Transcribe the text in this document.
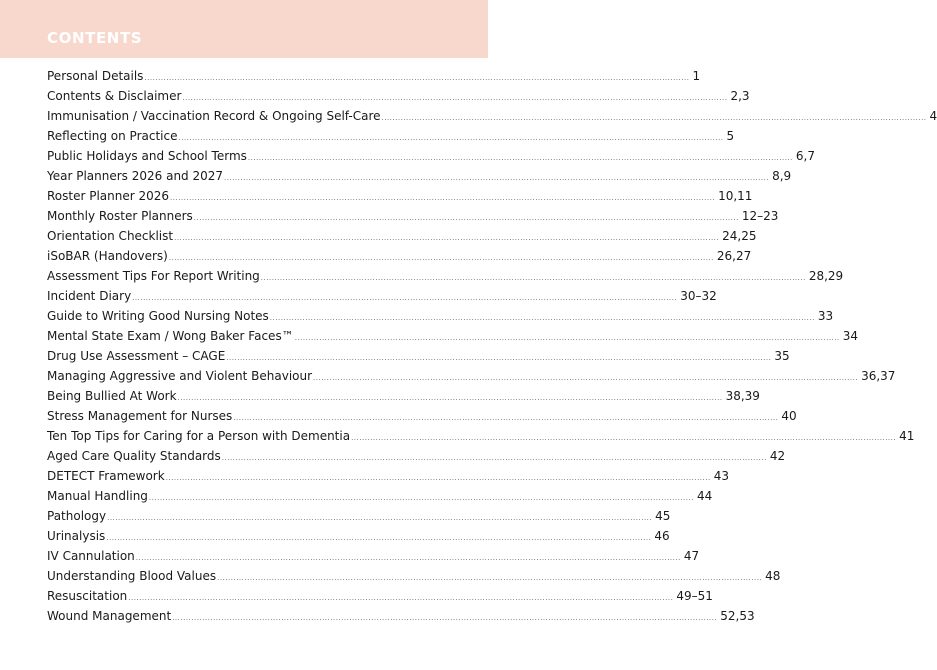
CONTENTS
Personal Details ........................................................................................................................................................................................................ 1
Contents & Disclaimer ........................................................................................................................................................................................................ 2,3
Immunisation / Vaccination Record & Ongoing Self-Care ........................................................................................................................................................................................................ 4
Reflecting on Practice ........................................................................................................................................................................................................ 5
Public Holidays and School Terms ........................................................................................................................................................................................................ 6,7
Year Planners 2026 and 2027 ........................................................................................................................................................................................................ 8,9
Roster Planner 2026 ........................................................................................................................................................................................................ 10,11
Monthly Roster Planners ........................................................................................................................................................................................................ 12–23
Orientation Checklist ........................................................................................................................................................................................................ 24,25
iSoBAR (Handovers) ........................................................................................................................................................................................................ 26,27
Assessment Tips For Report Writing ........................................................................................................................................................................................................ 28,29
Incident Diary ........................................................................................................................................................................................................ 30–32
Guide to Writing Good Nursing Notes ........................................................................................................................................................................................................ 33
Mental State Exam / Wong Baker Faces™ ........................................................................................................................................................................................................ 34
Drug Use Assessment – CAGE ........................................................................................................................................................................................................ 35
Managing Aggressive and Violent Behaviour ........................................................................................................................................................................................................ 36,37
Being Bullied At Work ........................................................................................................................................................................................................ 38,39
Stress Management for Nurses ........................................................................................................................................................................................................ 40
Ten Top Tips for Caring for a Person with Dementia ........................................................................................................................................................................................................ 41
Aged Care Quality Standards ........................................................................................................................................................................................................ 42
DETECT Framework ........................................................................................................................................................................................................ 43
Manual Handling ........................................................................................................................................................................................................ 44
Pathology ........................................................................................................................................................................................................ 45
Urinalysis ........................................................................................................................................................................................................ 46
IV Cannulation ........................................................................................................................................................................................................ 47
Understanding Blood Values ........................................................................................................................................................................................................ 48
Resuscitation ........................................................................................................................................................................................................ 49–51
Wound Management ........................................................................................................................................................................................................ 52,53
